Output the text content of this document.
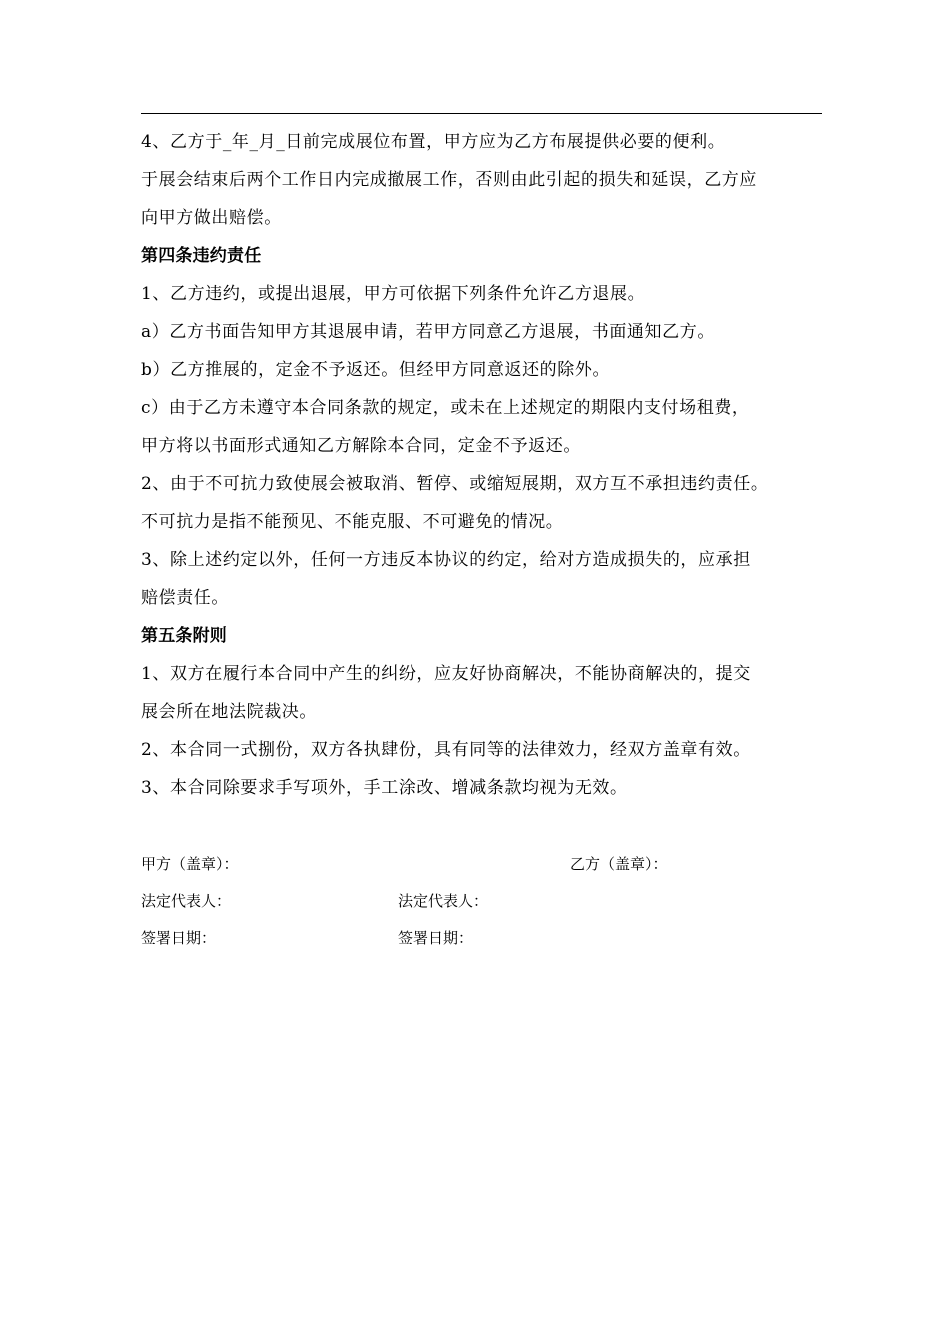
4、乙方于_年_月_日前完成展位布置，甲方应为乙方布展提供必要的便利。

于展会结束后两个工作日内完成撤展工作，否则由此引起的损失和延误，乙方应

向甲方做出赔偿。

第四条违约责任

1、乙方违约，或提出退展，甲方可依据下列条件允许乙方退展。

a）乙方书面告知甲方其退展申请，若甲方同意乙方退展，书面通知乙方。

b）乙方推展的，定金不予返还。但经甲方同意返还的除外。

c）由于乙方未遵守本合同条款的规定，或未在上述规定的期限内支付场租费，

甲方将以书面形式通知乙方解除本合同，定金不予返还。

2、由于不可抗力致使展会被取消、暂停、或缩短展期，双方互不承担违约责任。

不可抗力是指不能预见、不能克服、不可避免的情况。

3、除上述约定以外，任何一方违反本协议的约定，给对方造成损失的，应承担

赔偿责任。

第五条附则

1、双方在履行本合同中产生的纠纷，应友好协商解决，不能协商解决的，提交

展会所在地法院裁决。

2、本合同一式捌份，双方各执肆份，具有同等的法律效力，经双方盖章有效。

3、本合同除要求手写项外，手工涂改、增减条款均视为无效。

甲方（盖章）：	乙方（盖章）：
法定代表人：	法定代表人：
签署日期：	签署日期：
